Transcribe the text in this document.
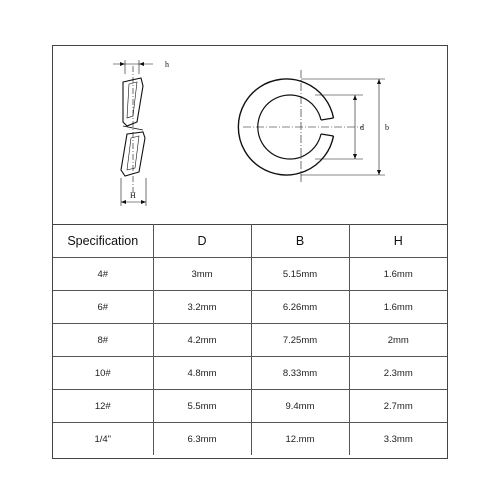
h
H
d	b
Specification	D	B	H
4#	3mm	5.15mm	1.6mm
6#	3.2mm	6.26mm	1.6mm
8#	4.2mm	7.25mm	2mm
10#	4.8mm	8.33mm	2.3mm
12#	5.5mm	9.4mm	2.7mm
1/4"	6.3mm	12.mm	3.3mm
